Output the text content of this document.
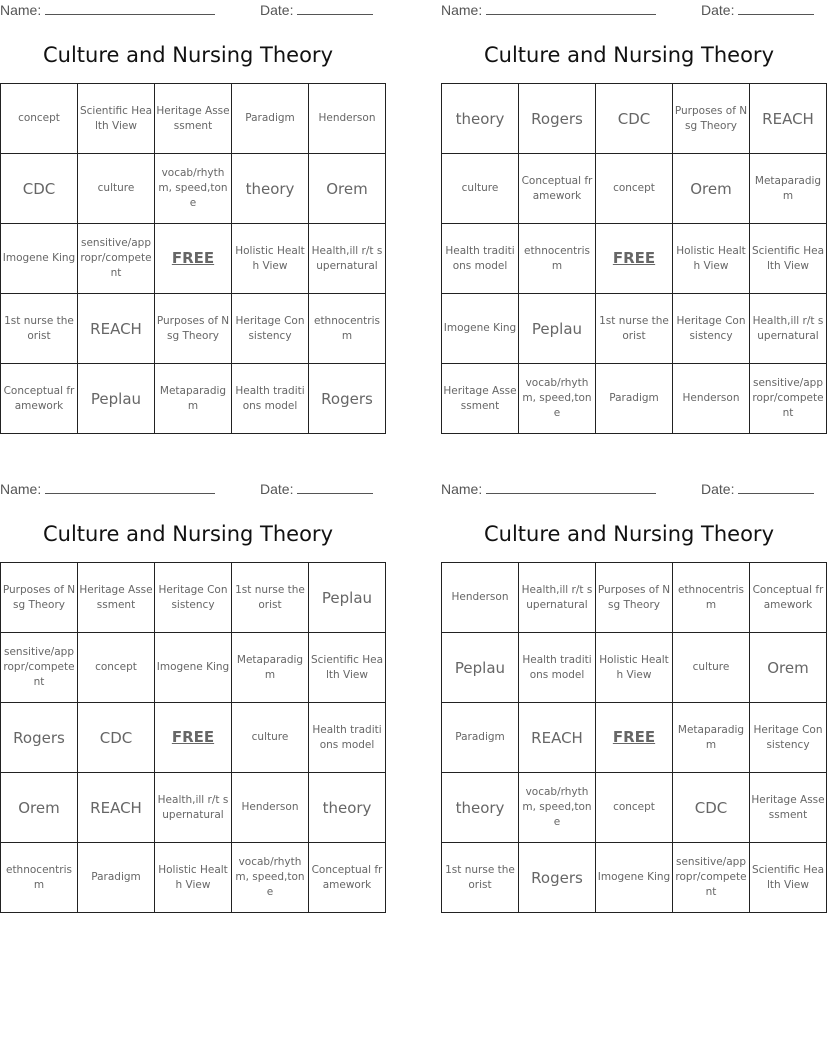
Name:	Date:
Culture and Nursing Theory
concept	Scientific Health View	Heritage Assessment	Paradigm	Henderson
CDC	culture	vocab/rhythm, speed,tone	theory	Orem
Imogene King	sensitive/appropr/competent	FREE	Holistic Health View	Health,ill r/t supernatural
1st nurse theorist	REACH	Purposes of Nsg Theory	Heritage Consistency	ethnocentrism
Conceptual framework	Peplau	Metaparadigm	Health traditions model	Rogers
Name:	Date:
Culture and Nursing Theory
theory	Rogers	CDC	Purposes of Nsg Theory	REACH
culture	Conceptual framework	concept	Orem	Metaparadigm
Health traditions model	ethnocentrism	FREE	Holistic Health View	Scientific Health View
Imogene King	Peplau	1st nurse theorist	Heritage Consistency	Health,ill r/t supernatural
Heritage Assessment	vocab/rhythm, speed,tone	Paradigm	Henderson	sensitive/appropr/competent
Name:	Date:
Culture and Nursing Theory
Purposes of Nsg Theory	Heritage Assessment	Heritage Consistency	1st nurse theorist	Peplau
sensitive/appropr/competent	concept	Imogene King	Metaparadigm	Scientific Health View
Rogers	CDC	FREE	culture	Health traditions model
Orem	REACH	Health,ill r/t supernatural	Henderson	theory
ethnocentrism	Paradigm	Holistic Health View	vocab/rhythm, speed,tone	Conceptual framework
Name:	Date:
Culture and Nursing Theory
Henderson	Health,ill r/t supernatural	Purposes of Nsg Theory	ethnocentrism	Conceptual framework
Peplau	Health traditions model	Holistic Health View	culture	Orem
Paradigm	REACH	FREE	Metaparadigm	Heritage Consistency
theory	vocab/rhythm, speed,tone	concept	CDC	Heritage Assessment
1st nurse theorist	Rogers	Imogene King	sensitive/appropr/competent	Scientific Health View
